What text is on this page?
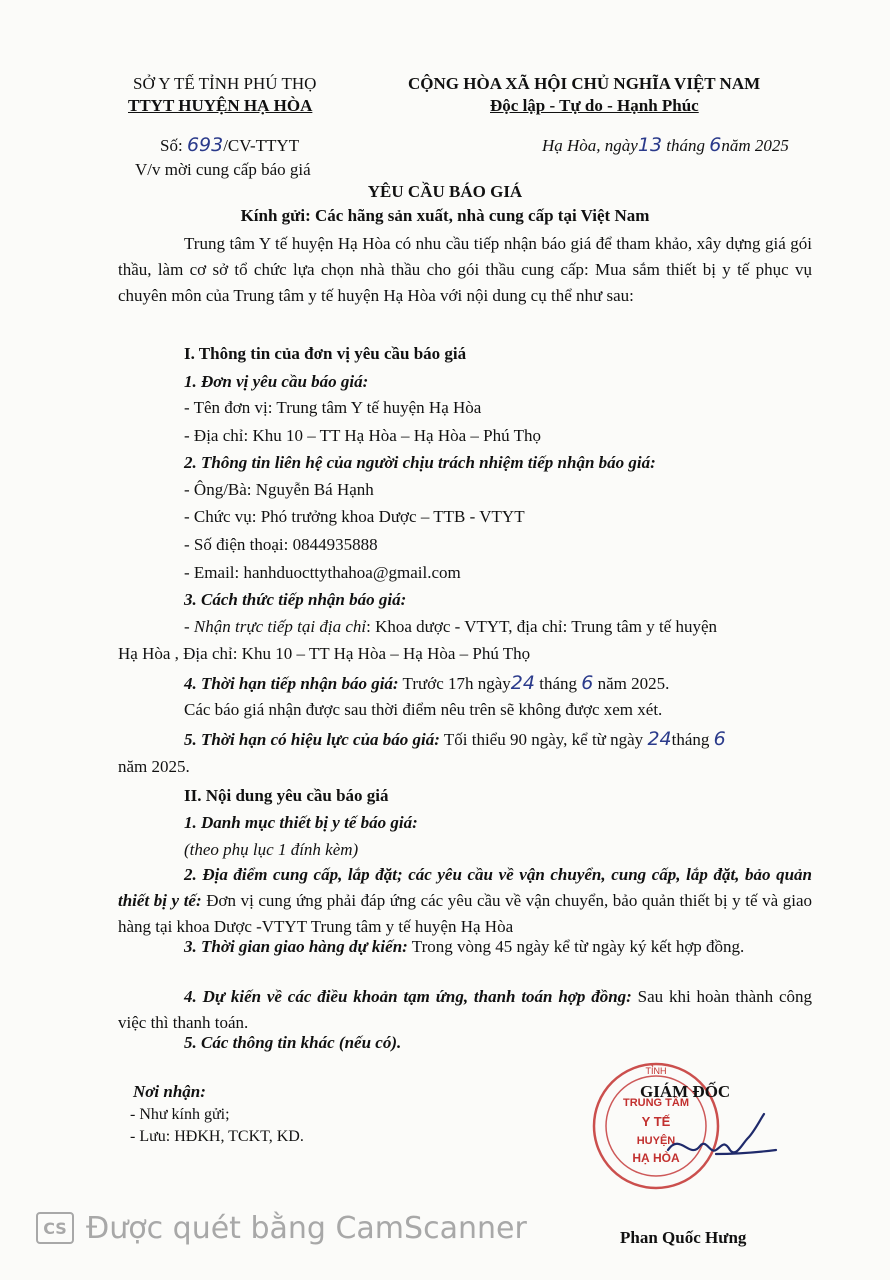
SỞ Y TẾ TỈNH PHÚ THỌ
TTYT HUYỆN HẠ HÒA
Số: 693/CV-TTYT
V/v mời cung cấp báo giá
CỘNG HÒA XÃ HỘI CHỦ NGHĨA VIỆT NAM
Độc lập - Tự do - Hạnh Phúc
Hạ Hòa, ngày13 tháng 6năm 2025
YÊU CẦU BÁO GIÁ
Kính gửi: Các hãng sản xuất, nhà cung cấp tại Việt Nam
Trung tâm Y tế huyện Hạ Hòa có nhu cầu tiếp nhận báo giá để tham khảo, xây dựng giá gói thầu, làm cơ sở tổ chức lựa chọn nhà thầu cho gói thầu cung cấp: Mua sắm thiết bị y tế phục vụ chuyên môn của Trung tâm y tế huyện Hạ Hòa với nội dung cụ thể như sau:
I. Thông tin của đơn vị yêu cầu báo giá
1. Đơn vị yêu cầu báo giá:
- Tên đơn vị: Trung tâm Y tế huyện Hạ Hòa
- Địa chỉ: Khu 10 – TT Hạ Hòa – Hạ Hòa – Phú Thọ
2. Thông tin liên hệ của người chịu trách nhiệm tiếp nhận báo giá:
- Ông/Bà: Nguyễn Bá Hạnh
- Chức vụ: Phó trưởng khoa Dược – TTB - VTYT
- Số điện thoại: 0844935888
- Email: hanhduocttythahoa@gmail.com
3. Cách thức tiếp nhận báo giá:
- Nhận trực tiếp tại địa chỉ: Khoa dược - VTYT, địa chỉ: Trung tâm y tế huyện
Hạ Hòa , Địa chỉ: Khu 10 – TT Hạ Hòa – Hạ Hòa – Phú Thọ
4. Thời hạn tiếp nhận báo giá: Trước 17h ngày24 tháng 6 năm 2025.
Các báo giá nhận được sau thời điểm nêu trên sẽ không được xem xét.
5. Thời hạn có hiệu lực của báo giá: Tối thiểu 90 ngày, kể từ ngày 24tháng 6
năm 2025.
II. Nội dung yêu cầu báo giá
1. Danh mục thiết bị y tế báo giá:
(theo phụ lục 1 đính kèm)
2. Địa điểm cung cấp, lắp đặt; các yêu cầu về vận chuyển, cung cấp, lắp đặt, bảo quản thiết bị y tế: Đơn vị cung ứng phải đáp ứng các yêu cầu về vận chuyển, bảo quản thiết bị y tế và giao hàng tại khoa Dược -VTYT Trung tâm y tế huyện Hạ Hòa
3. Thời gian giao hàng dự kiến: Trong vòng 45 ngày kể từ ngày ký kết hợp đồng.
4. Dự kiến về các điều khoản tạm ứng, thanh toán hợp đồng: Sau khi hoàn thành công việc thì thanh toán.
5. Các thông tin khác (nếu có).
Nơi nhận:
- Như kính gửi;
- Lưu: HĐKH, TCKT, KD.
TỈNH
TRUNG TÂM
Y TẾ
HUYỆN
HẠ HÒA
GIÁM ĐỐC
Phan Quốc Hưng
CS Được quét bằng CamScanner
